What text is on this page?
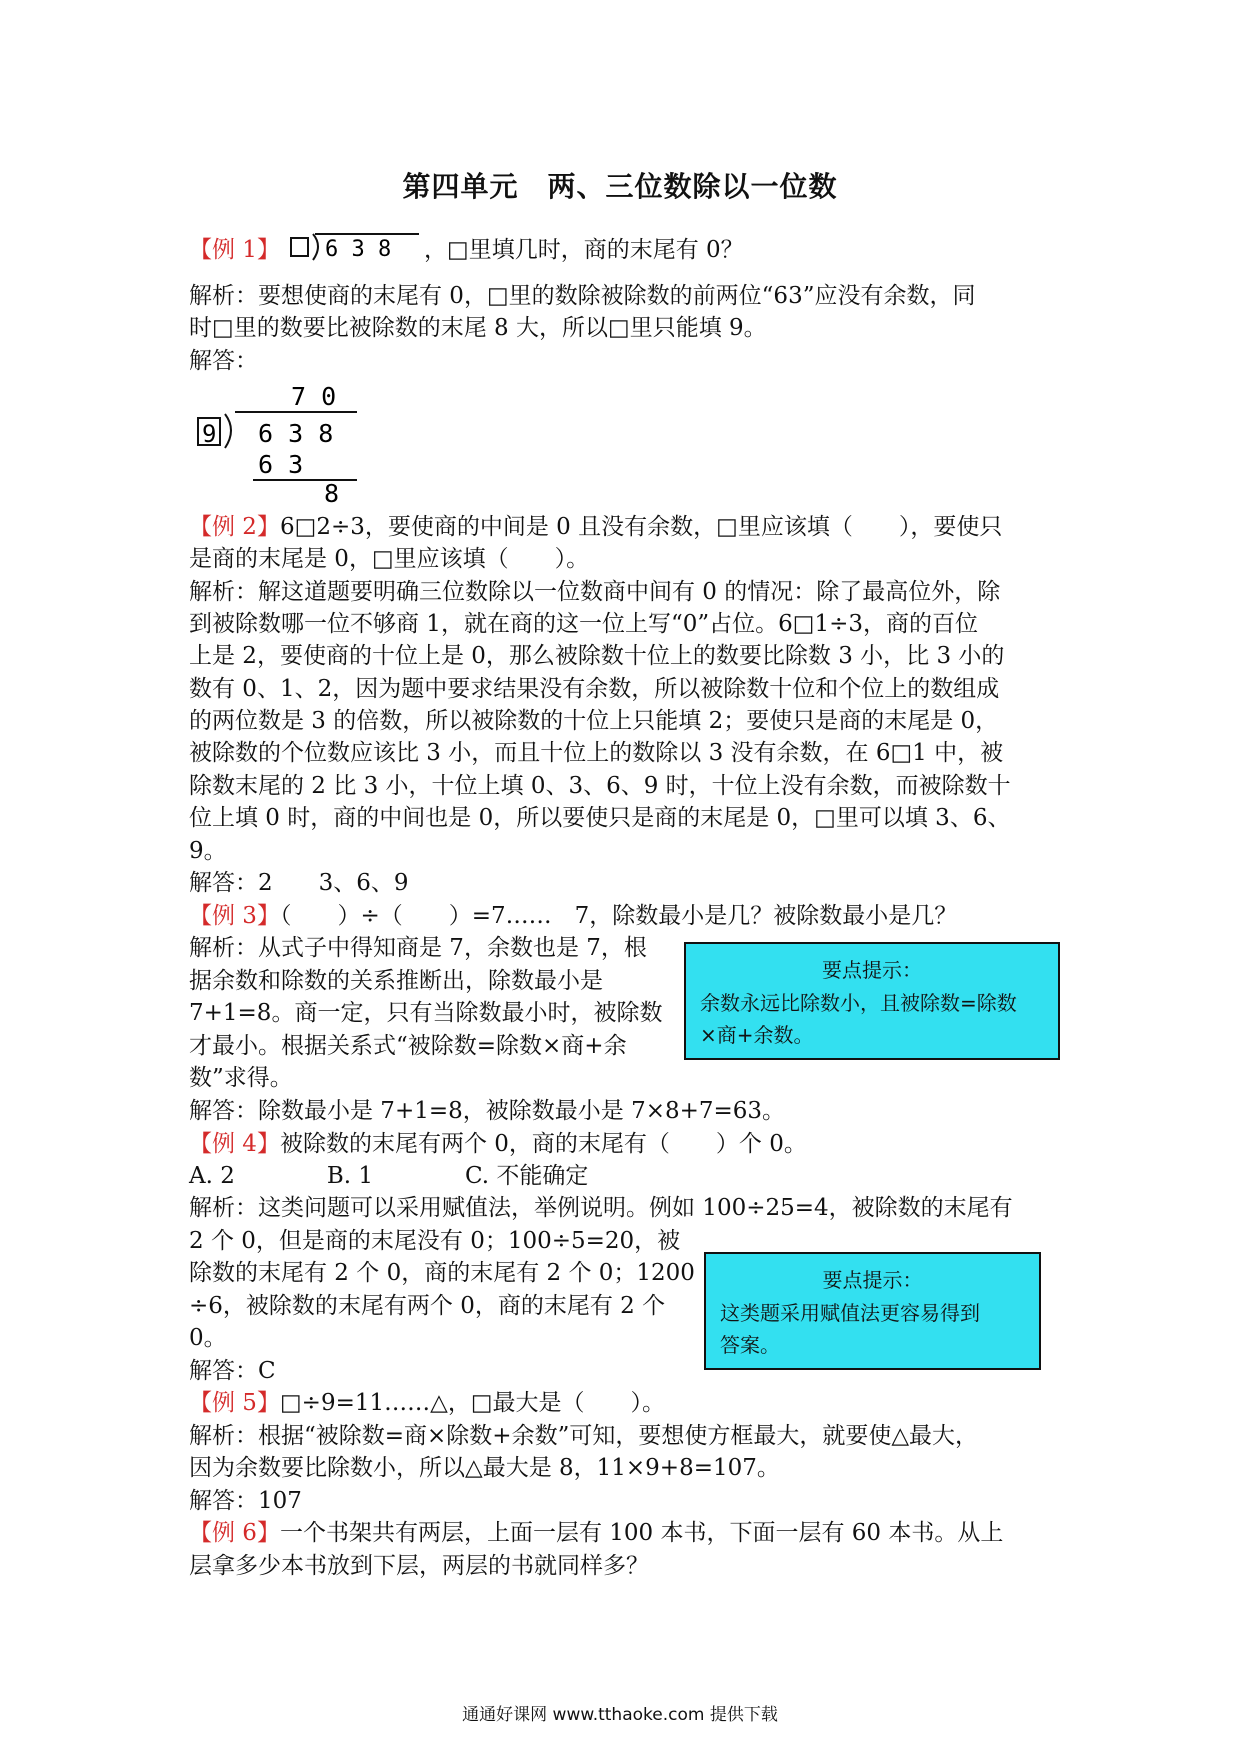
第四单元　两、三位数除以一位数
【例 1】 6 3 8 ，□里填几时，商的末尾有 0？
解析：要想使商的末尾有 0，□里的数除被除数的前两位“63”应没有余数，同
时□里的数要比被除数的末尾 8 大，所以□里只能填 9。
解答：
7 0
9 6 3 8
6 3
8
【例 2】6□2÷3，要使商的中间是 0 且没有余数，□里应该填（　　），要使只
是商的末尾是 0，□里应该填（　　）。
解析：解这道题要明确三位数除以一位数商中间有 0 的情况：除了最高位外，除
到被除数哪一位不够商 1，就在商的这一位上写“0”占位。6□1÷3，商的百位
上是 2，要使商的十位上是 0，那么被除数十位上的数要比除数 3 小，比 3 小的
数有 0、1、2，因为题中要求结果没有余数，所以被除数十位和个位上的数组成
的两位数是 3 的倍数，所以被除数的十位上只能填 2；要使只是商的末尾是 0，
被除数的个位数应该比 3 小，而且十位上的数除以 3 没有余数，在 6□1 中，被
除数末尾的 2 比 3 小，十位上填 0、3、6、9 时，十位上没有余数，而被除数十
位上填 0 时，商的中间也是 0，所以要使只是商的末尾是 0，□里可以填 3、6、
9。
解答：2　　3、6、9
【例 3】（　　）÷（　　）=7……　7，除数最小是几？被除数最小是几？
解析：从式子中得知商是 7，余数也是 7，根
据余数和除数的关系推断出，除数最小是
7+1=8。商一定，只有当除数最小时，被除数
才最小。根据关系式“被除数=除数×商+余
数”求得。
解答：除数最小是 7+1=8，被除数最小是 7×8+7=63。
要点提示：
余数永远比除数小，且被除数=除数
×商+余数。
【例 4】被除数的末尾有两个 0，商的末尾有（　　）个 0。
A. 2　　　　B. 1　　　　C. 不能确定
解析：这类问题可以采用赋值法，举例说明。例如 100÷25=4，被除数的末尾有
2 个 0，但是商的末尾没有 0；100÷5=20，被
除数的末尾有 2 个 0，商的末尾有 2 个 0；1200
÷6，被除数的末尾有两个 0，商的末尾有 2 个
0。
解答：C
要点提示：
这类题采用赋值法更容易得到
答案。
【例 5】□÷9=11……△，□最大是（　　）。
解析：根据“被除数=商×除数+余数”可知，要想使方框最大，就要使△最大，
因为余数要比除数小，所以△最大是 8，11×9+8=107。
解答：107
【例 6】一个书架共有两层，上面一层有 100 本书，下面一层有 60 本书。从上
层拿多少本书放到下层，两层的书就同样多？
通通好课网 www.tthaoke.com 提供下载
